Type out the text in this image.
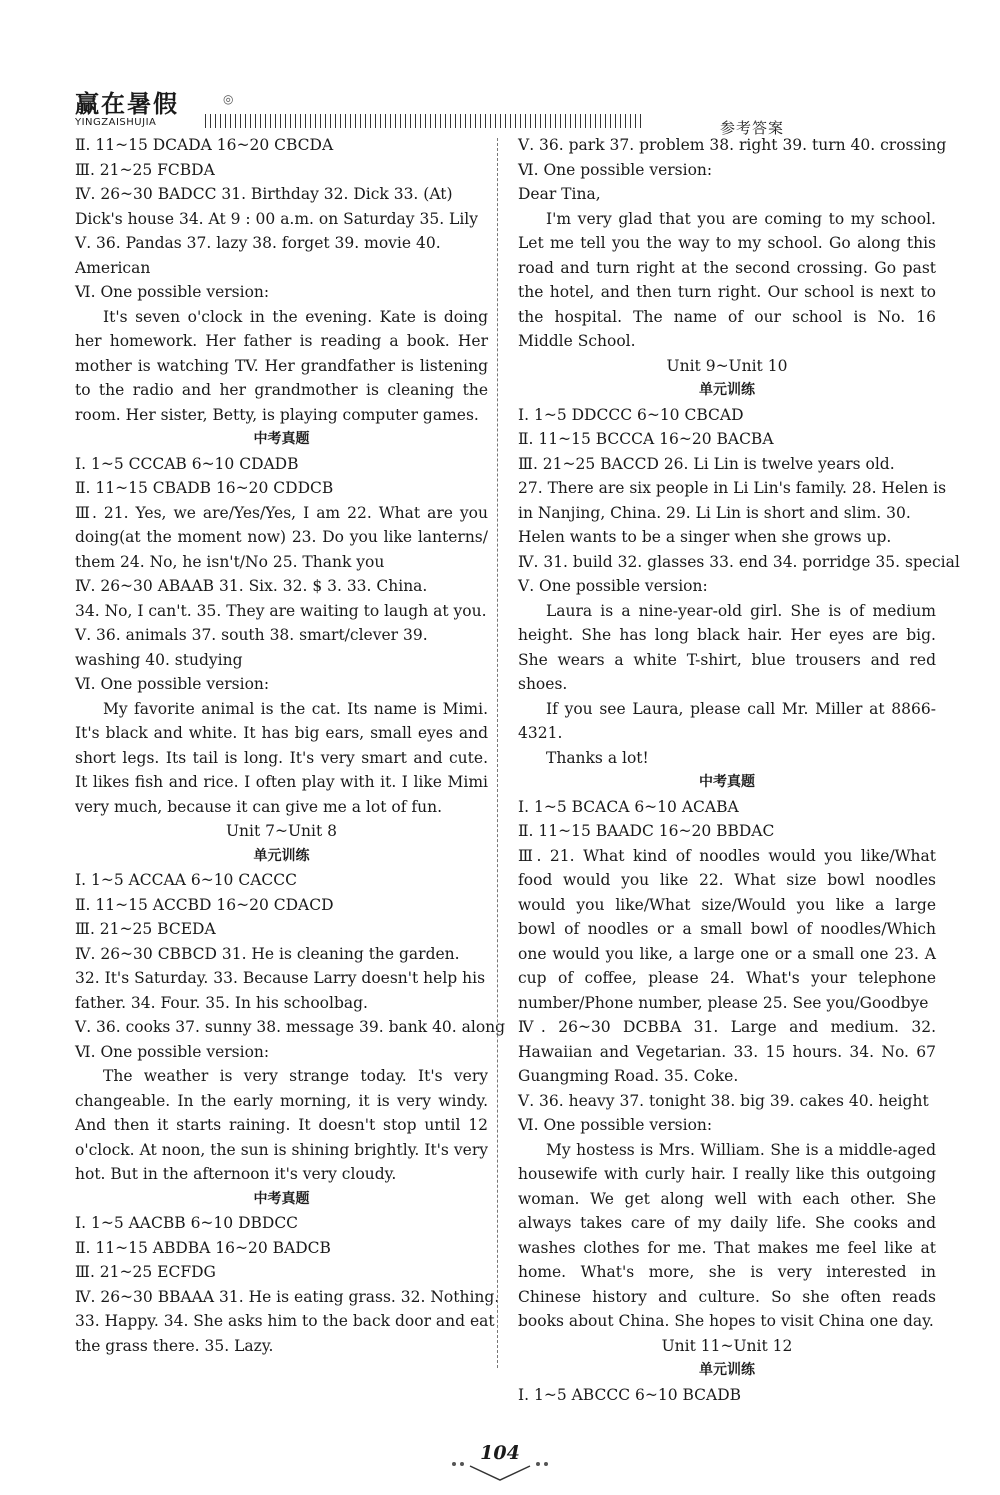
赢在暑假	◎
YINGZAISHUJIA	参考答案
Ⅱ. 11~15 DCADA 16~20 CBCDA
Ⅲ. 21~25 FCBDA
Ⅳ. 26~30 BADCC 31. Birthday 32. Dick 33. (At)
Dick's house 34. At 9 : 00 a.m. on Saturday 35. Lily
Ⅴ. 36. Pandas 37. lazy 38. forget 39. movie 40.
American
Ⅵ. One possible version:
It's seven o'clock in the evening. Kate is doing her homework. Her father is reading a book. Her mother is watching TV. Her grandfather is listening to the radio and her grandmother is cleaning the room. Her sister, Betty, is playing computer games.
中考真题
Ⅰ. 1~5 CCCAB 6~10 CDADB
Ⅱ. 11~15 CBADB 16~20 CDDCB
Ⅲ. 21. Yes, we are/Yes/Yes, I am 22. What are you doing(at the moment now) 23. Do you like lanterns/ them 24. No, he isn't/No 25. Thank you
Ⅳ. 26~30 ABAAB 31. Six. 32. $ 3. 33. China.
34. No, I can't. 35. They are waiting to laugh at you.
Ⅴ. 36. animals 37. south 38. smart/clever 39.
washing 40. studying
Ⅵ. One possible version:
My favorite animal is the cat. Its name is Mimi. It's black and white. It has big ears, small eyes and short legs. Its tail is long. It's very smart and cute. It likes fish and rice. I often play with it. I like Mimi very much, because it can give me a lot of fun.
Unit 7~Unit 8
单元训练
Ⅰ. 1~5 ACCAA 6~10 CACCC
Ⅱ. 11~15 ACCBD 16~20 CDACD
Ⅲ. 21~25 BCEDA
Ⅳ. 26~30 CBBCD 31. He is cleaning the garden.
32. It's Saturday. 33. Because Larry doesn't help his
father. 34. Four. 35. In his schoolbag.
Ⅴ. 36. cooks 37. sunny 38. message 39. bank 40. along
Ⅵ. One possible version:
The weather is very strange today. It's very changeable. In the early morning, it is very windy. And then it starts raining. It doesn't stop until 12 o'clock. At noon, the sun is shining brightly. It's very hot. But in the afternoon it's very cloudy.
中考真题
Ⅰ. 1~5 AACBB 6~10 DBDCC
Ⅱ. 11~15 ABDBA 16~20 BADCB
Ⅲ. 21~25 ECFDG
Ⅳ. 26~30 BBAAA 31. He is eating grass. 32. Nothing.
33. Happy. 34. She asks him to the back door and eat
the grass there. 35. Lazy.
Ⅴ. 36. park 37. problem 38. right 39. turn 40. crossing
Ⅵ. One possible version:
Dear Tina,
I'm very glad that you are coming to my school. Let me tell you the way to my school. Go along this road and turn right at the second crossing. Go past the hotel, and then turn right. Our school is next to the hospital. The name of our school is No. 16 Middle School.
Unit 9~Unit 10
单元训练
Ⅰ. 1~5 DDCCC 6~10 CBCAD
Ⅱ. 11~15 BCCCA 16~20 BACBA
Ⅲ. 21~25 BACCD 26. Li Lin is twelve years old.
27. There are six people in Li Lin's family. 28. Helen is
in Nanjing, China. 29. Li Lin is short and slim. 30.
Helen wants to be a singer when she grows up.
Ⅳ. 31. build 32. glasses 33. end 34. porridge 35. special
Ⅴ. One possible version:
Laura is a nine-year-old girl. She is of medium height. She has long black hair. Her eyes are big. She wears a white T-shirt, blue trousers and red shoes.
If you see Laura, please call Mr. Miller at 8866-4321.
Thanks a lot!
中考真题
Ⅰ. 1~5 BCACA 6~10 ACABA
Ⅱ. 11~15 BAADC 16~20 BBDAC
Ⅲ. 21. What kind of noodles would you like/What food would you like 22. What size bowl noodles would you like/What size/Would you like a large bowl of noodles or a small bowl of noodles/Which one would you like, a large one or a small one 23. A cup of coffee, please 24. What's your telephone number/Phone number, please 25. See you/Goodbye
Ⅳ. 26~30 DCBBA 31. Large and medium. 32. Hawaiian and Vegetarian. 33. 15 hours. 34. No. 67 Guangming Road. 35. Coke.
Ⅴ. 36. heavy 37. tonight 38. big 39. cakes 40. height
Ⅵ. One possible version:
My hostess is Mrs. William. She is a middle-aged housewife with curly hair. I really like this outgoing woman. We get along well with each other. She always takes care of my daily life. She cooks and washes clothes for me. That makes me feel like at home. What's more, she is very interested in Chinese history and culture. So she often reads books about China. She hopes to visit China one day.
Unit 11~Unit 12
单元训练
Ⅰ. 1~5 ABCCC 6~10 BCADB
104
